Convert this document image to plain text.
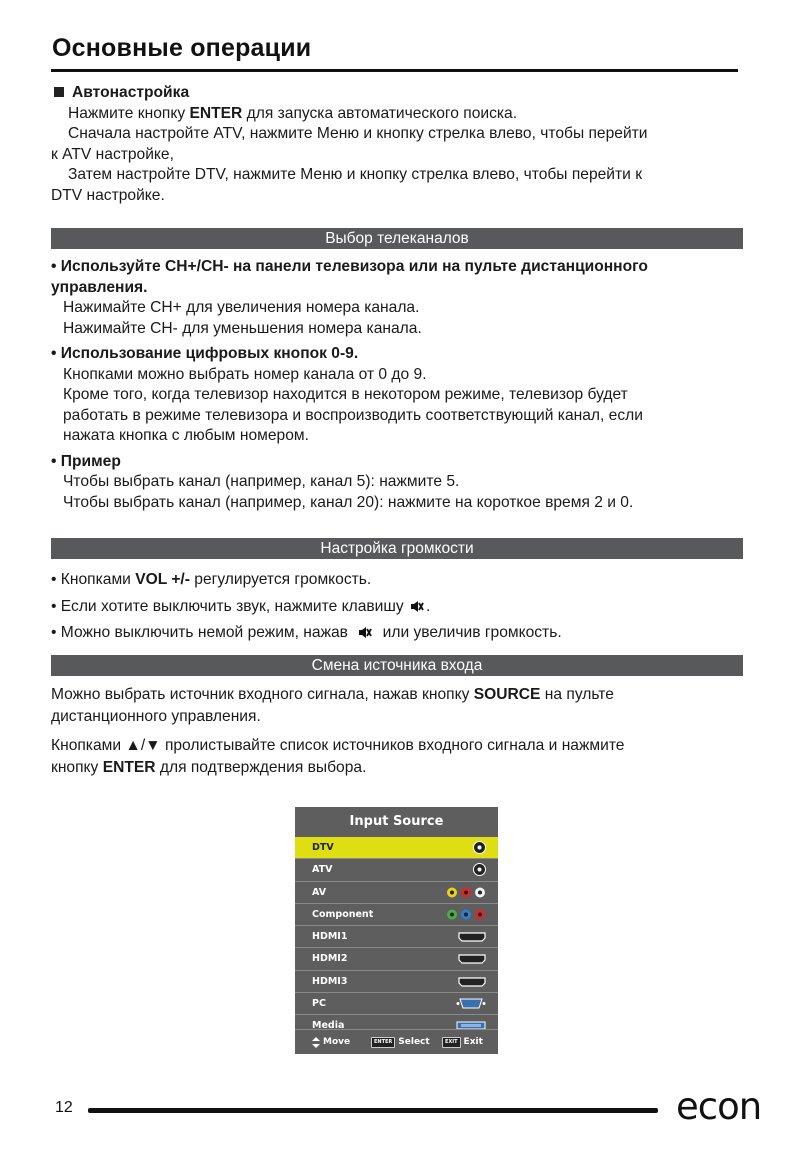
Основные операции

Автонастройка

Нажмите кнопку ENTER для запуска автоматического поиска.

Сначала настройте ATV, нажмите Меню и кнопку стрелка влево, чтобы перейти

к ATV настройке,

Затем настройте DTV, нажмите Меню и кнопку стрелка влево, чтобы перейти к

DTV настройке.

Выбор телеканалов

• Используйте CH+/CH- на панели телевизора или на пульте дистанционного

управления.

Нажимайте CH+ для увеличения номера канала.

Нажимайте CH- для уменьшения номера канала.

• Использование цифровых кнопок 0-9.

Кнопками можно выбрать номер канала от 0 до 9.

Кроме того, когда телевизор находится в некотором режиме, телевизор будет

работать в режиме телевизора и воспроизводить соответствующий канал, если

нажата кнопка с любым номером.

• Пример

Чтобы выбрать канал (например, канал 5): нажмите 5.

Чтобы выбрать канал (например, канал 20): нажмите на короткое время 2 и 0.

Настройка громкости

• Кнопками VOL +/- регулируется громкость.

• Если хотите выключить звук, нажмите клавишу .

• Можно выключить немой режим, нажав или увеличив громкость.

Смена источника входа

Можно выбрать источник входного сигнала, нажав кнопку SOURCE на пульте

дистанционного управления.

Кнопками ▲/▼ пролистывайте список источников входного сигнала и нажмите

кнопку ENTER для подтверждения выбора.

Input Source
DTV
ATV
AV
Component
HDMI1
HDMI2
HDMI3
PC
Media
Move	ENTER Select	EXIT Exit
12	econ
